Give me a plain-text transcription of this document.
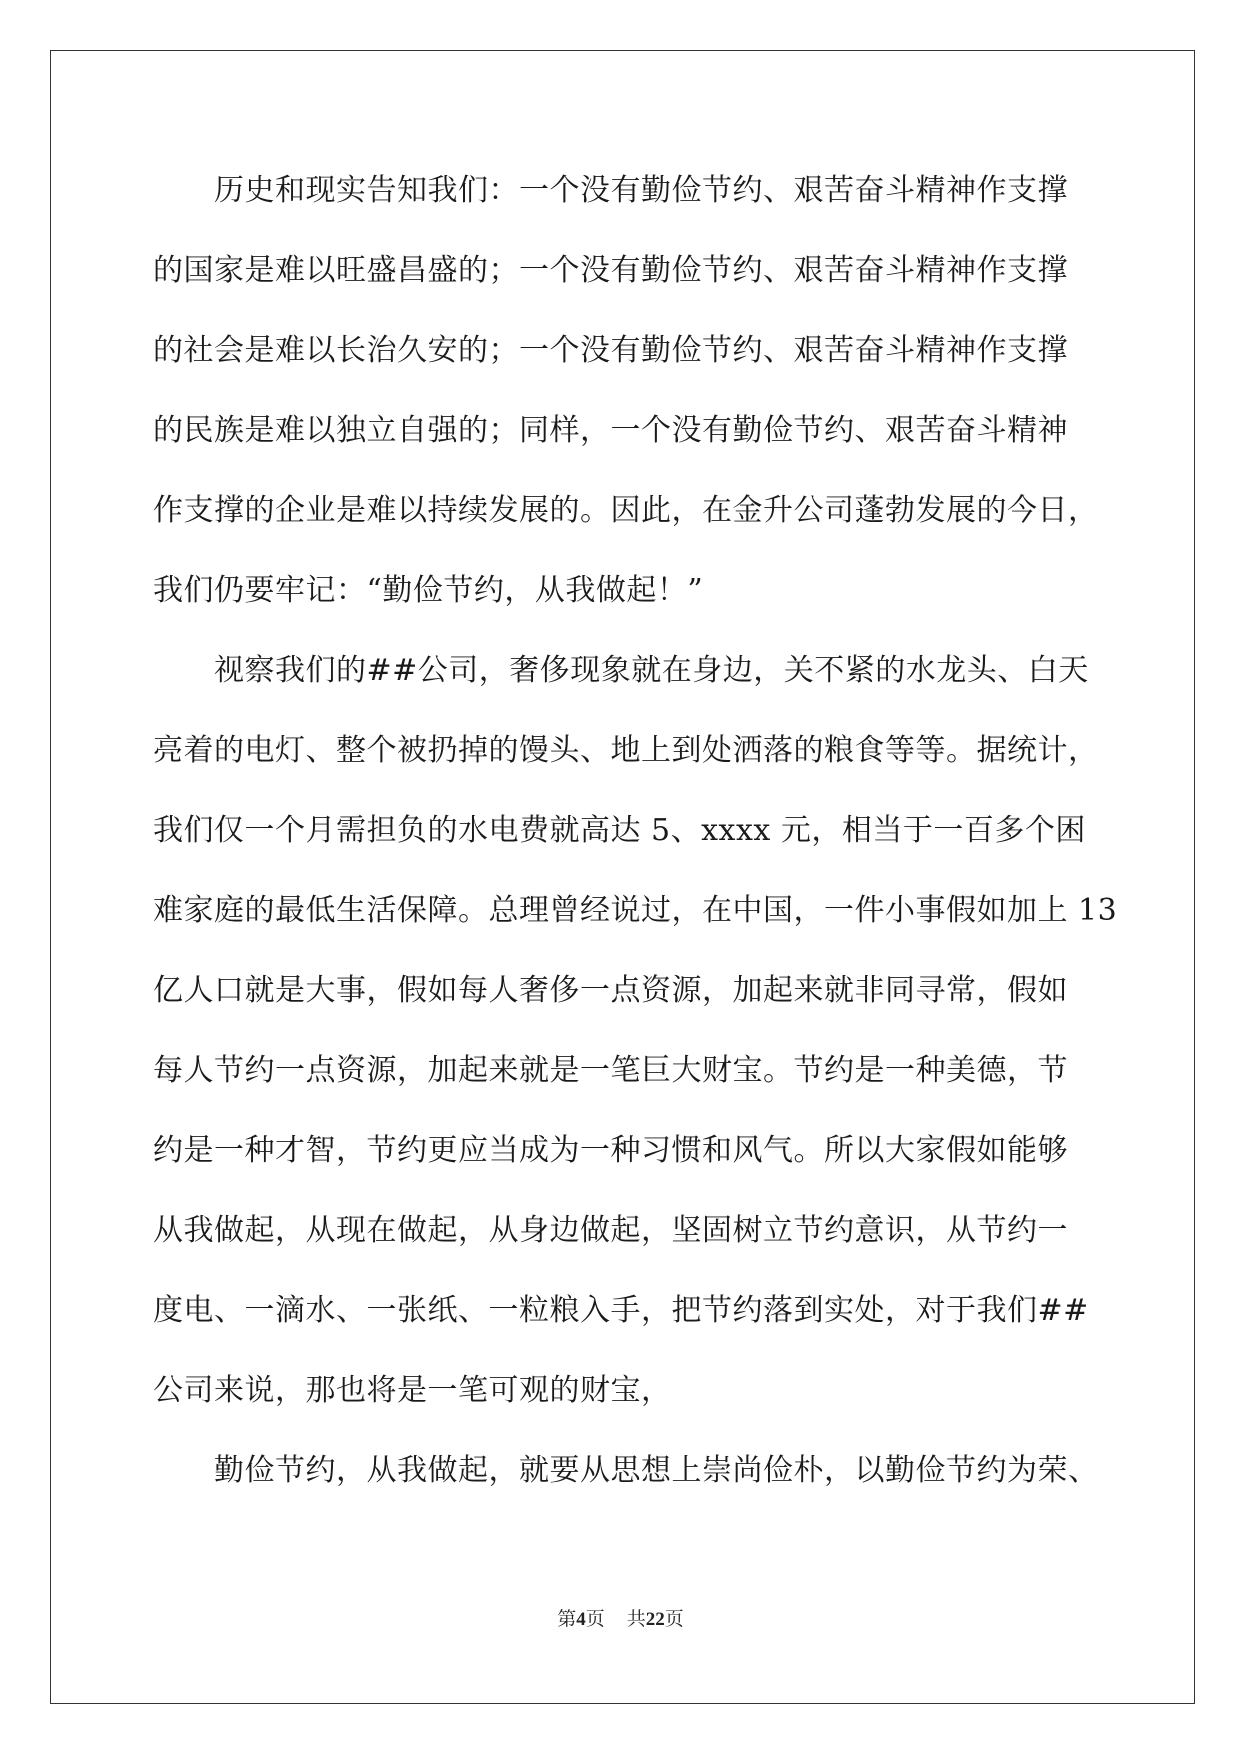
历史和现实告知我们：一个没有勤俭节约、艰苦奋斗精神作支撑
的国家是难以旺盛昌盛的；一个没有勤俭节约、艰苦奋斗精神作支撑
的社会是难以长治久安的；一个没有勤俭节约、艰苦奋斗精神作支撑
的民族是难以独立自强的；同样，一个没有勤俭节约、艰苦奋斗精神
作支撑的企业是难以持续发展的。因此，在金升公司蓬勃发展的今日，
我们仍要牢记：“勤俭节约，从我做起！”
视察我们的##公司，奢侈现象就在身边，关不紧的水龙头、白天
亮着的电灯、整个被扔掉的馒头、地上到处洒落的粮食等等。据统计，
我们仅一个月需担负的水电费就高达 5、xxxx 元，相当于一百多个困
难家庭的最低生活保障。总理曾经说过，在中国，一件小事假如加上 13
亿人口就是大事，假如每人奢侈一点资源，加起来就非同寻常，假如
每人节约一点资源，加起来就是一笔巨大财宝。节约是一种美德，节
约是一种才智，节约更应当成为一种习惯和风气。所以大家假如能够
从我做起，从现在做起，从身边做起，坚固树立节约意识，从节约一
度电、一滴水、一张纸、一粒粮入手，把节约落到实处，对于我们##
公司来说，那也将是一笔可观的财宝，
勤俭节约，从我做起，就要从思想上崇尚俭朴，以勤俭节约为荣、
第4页 共22页
